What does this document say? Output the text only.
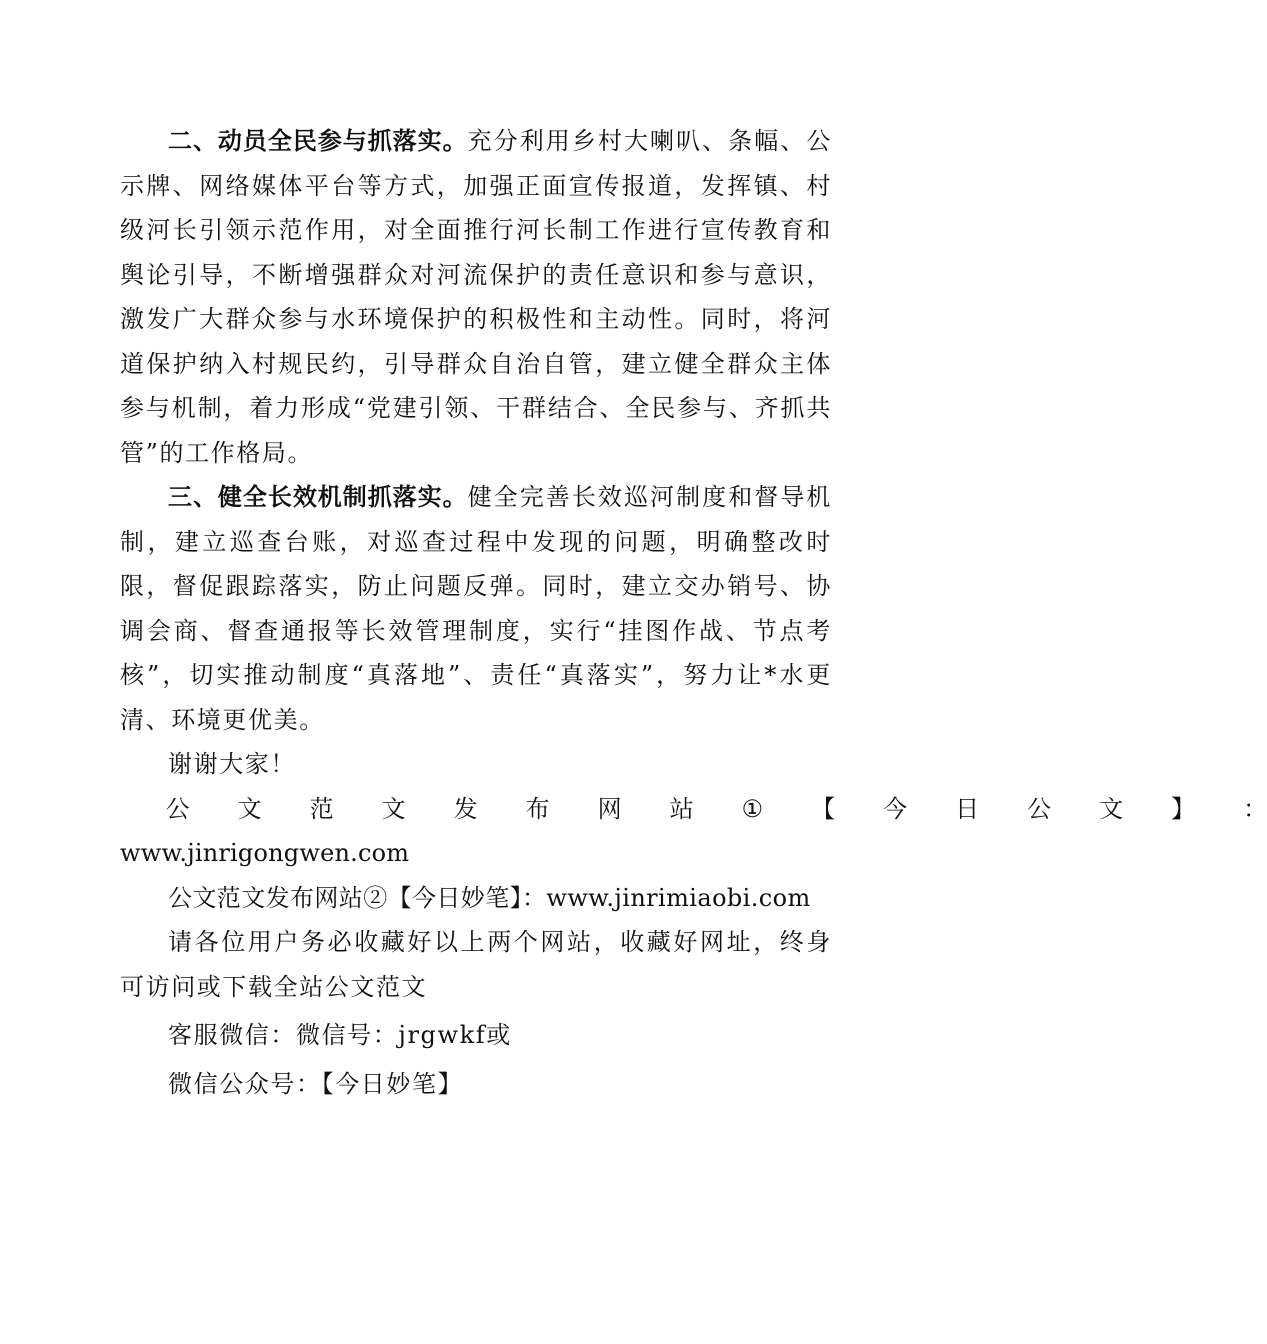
二、动员全民参与抓落实。充分利用乡村大喇叭、条幅、公示牌、网络媒体平台等方式，加强正面宣传报道，发挥镇、村级河长引领示范作用，对全面推行河长制工作进行宣传教育和舆论引导，不断增强群众对河流保护的责任意识和参与意识，激发广大群众参与水环境保护的积极性和主动性。同时，将河道保护纳入村规民约，引导群众自治自管，建立健全群众主体参与机制，着力形成“党建引领、干群结合、全民参与、齐抓共管”的工作格局。

三、健全长效机制抓落实。健全完善长效巡河制度和督导机制，建立巡查台账，对巡查过程中发现的问题，明确整改时限，督促跟踪落实，防止问题反弹。同时，建立交办销号、协调会商、督查通报等长效管理制度，实行“挂图作战、节点考核”，切实推动制度“真落地”、责任“真落实”，努力让*水更清、环境更优美。

谢谢大家！

公	文	范	文	发	布	网	站	①	【	今	日	公	文	】	：
www.jinrigongwen.com

公文范文发布网站②【今日妙笔】：www.jinrimiaobi.com

请各位用户务必收藏好以上两个网站，收藏好网址，终身可访问或下载全站公文范文

客服微信：微信号：jrgwkf或

微信公众号：【今日妙笔】
